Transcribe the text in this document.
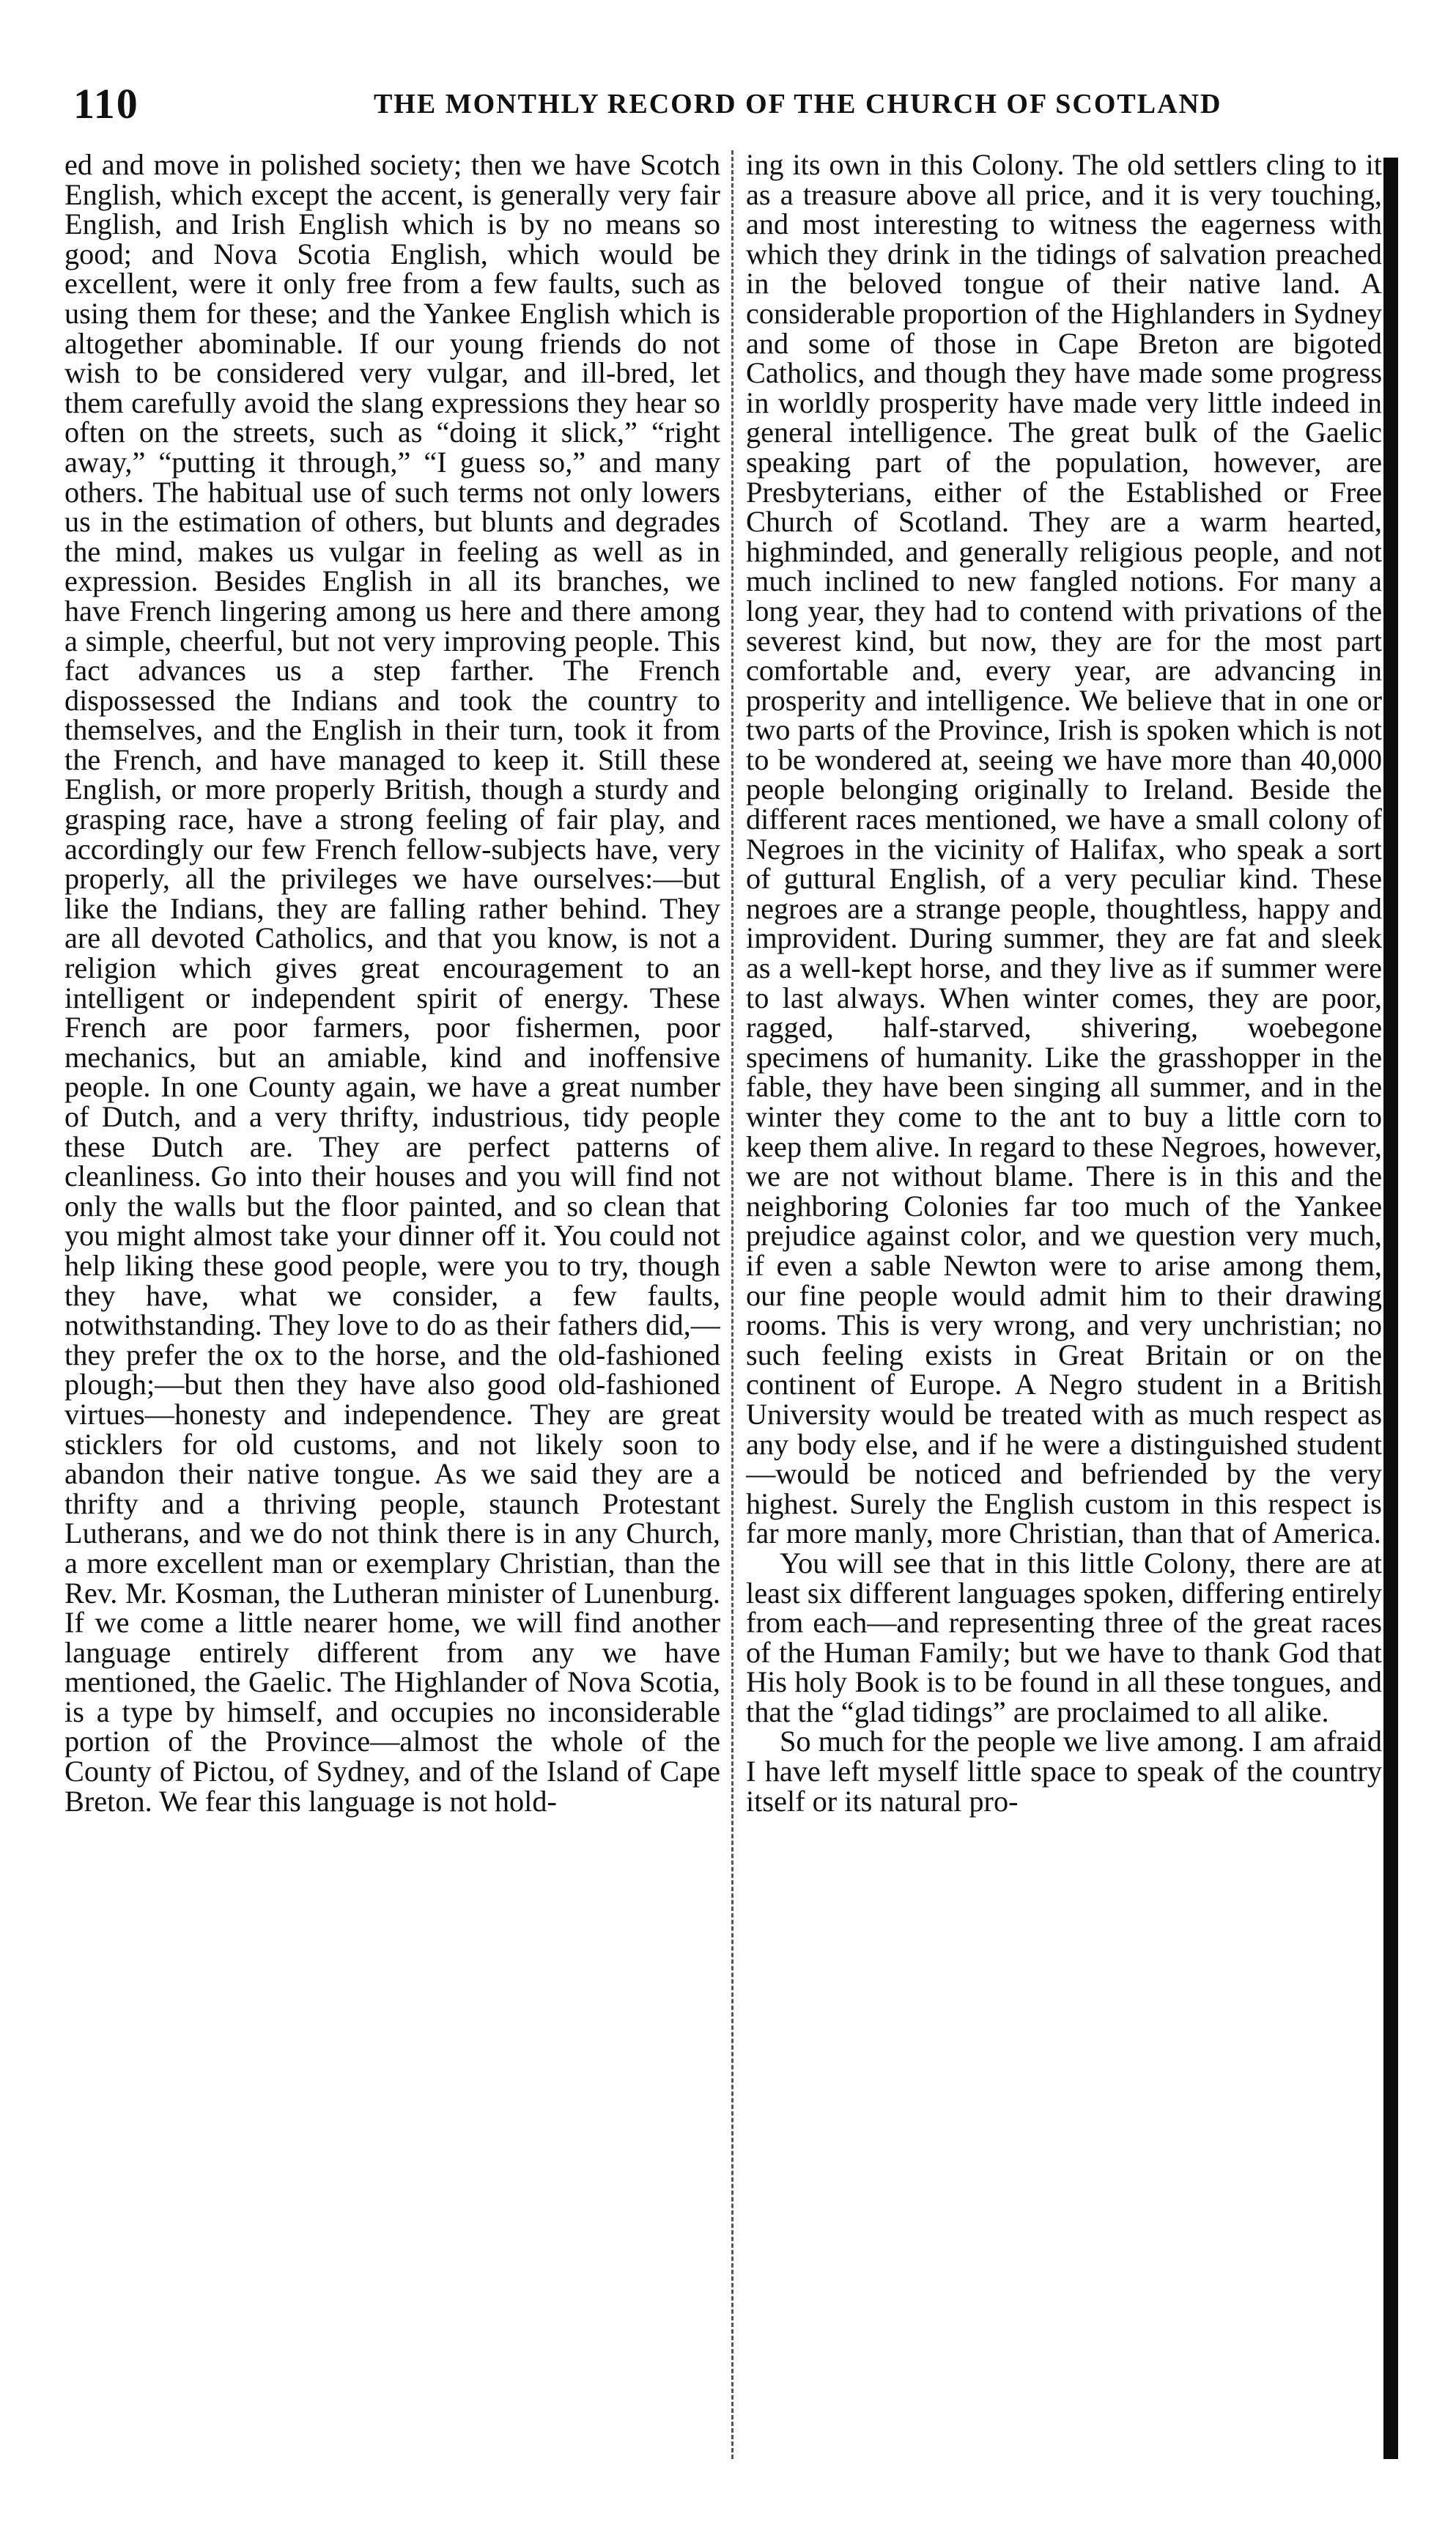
110	THE MONTHLY RECORD OF THE CHURCH OF SCOTLAND

ed and move in polished society; then we have Scotch English, which except the accent, is generally very fair English, and Irish English which is by no means so good; and Nova Scotia English, which would be excellent, were it only free from a few faults, such as using them for these; and the Yankee English which is altogether abominable. If our young friends do not wish to be considered very vulgar, and ill-bred, let them carefully avoid the slang expressions they hear so often on the streets, such as “doing it slick,” “right away,” “putting it through,” “I guess so,” and many others. The habitual use of such terms not only lowers us in the estimation of others, but blunts and degrades the mind, makes us vulgar in feeling as well as in expression. Besides English in all its branches, we have French lingering among us here and there among a simple, cheerful, but not very improving people. This fact advances us a step farther. The French dispossessed the Indians and took the country to themselves, and the English in their turn, took it from the French, and have managed to keep it. Still these English, or more properly British, though a sturdy and grasping race, have a strong feeling of fair play, and accordingly our few French fellow-subjects have, very properly, all the privileges we have ourselves:—but like the Indians, they are falling rather behind. They are all devoted Catholics, and that you know, is not a religion which gives great encouragement to an intelligent or independent spirit of energy. These French are poor farmers, poor fishermen, poor mechanics, but an amiable, kind and inoffensive people. In one County again, we have a great number of Dutch, and a very thrifty, industrious, tidy people these Dutch are. They are perfect patterns of cleanliness. Go into their houses and you will find not only the walls but the floor painted, and so clean that you might almost take your dinner off it. You could not help liking these good people, were you to try, though they have, what we consider, a few faults, notwithstanding. They love to do as their fathers did,—they prefer the ox to the horse, and the old-fashioned plough;—but then they have also good old-fashioned virtues—honesty and independence. They are great sticklers for old customs, and not likely soon to abandon their native tongue. As we said they are a thrifty and a thriving people, staunch Protestant Lutherans, and we do not think there is in any Church, a more excellent man or exemplary Christian, than the Rev. Mr. Kosman, the Lutheran minister of Lunenburg. If we come a little nearer home, we will find another language entirely different from any we have mentioned, the Gaelic. The Highlander of Nova Scotia, is a type by himself, and occupies no inconsiderable portion of the Province—almost the whole of the County of Pictou, of Sydney, and of the Island of Cape Breton. We fear this language is not hold-

ing its own in this Colony. The old settlers cling to it as a treasure above all price, and it is very touching, and most interesting to witness the eagerness with which they drink in the tidings of salvation preached in the beloved tongue of their native land. A considerable proportion of the Highlanders in Sydney and some of those in Cape Breton are bigoted Catholics, and though they have made some progress in worldly prosperity have made very little indeed in general intelligence. The great bulk of the Gaelic speaking part of the population, however, are Presbyterians, either of the Established or Free Church of Scotland. They are a warm hearted, highminded, and generally religious people, and not much inclined to new fangled notions. For many a long year, they had to contend with privations of the severest kind, but now, they are for the most part comfortable and, every year, are advancing in prosperity and intelligence. We believe that in one or two parts of the Province, Irish is spoken which is not to be wondered at, seeing we have more than 40,000 people belonging originally to Ireland. Beside the different races mentioned, we have a small colony of Negroes in the vicinity of Halifax, who speak a sort of guttural English, of a very peculiar kind. These negroes are a strange people, thoughtless, happy and improvident. During summer, they are fat and sleek as a well-kept horse, and they live as if summer were to last always. When winter comes, they are poor, ragged, half-starved, shivering, woebegone specimens of humanity. Like the grasshopper in the fable, they have been singing all summer, and in the winter they come to the ant to buy a little corn to keep them alive. In regard to these Negroes, however, we are not without blame. There is in this and the neighboring Colonies far too much of the Yankee prejudice against color, and we question very much, if even a sable Newton were to arise among them, our fine people would admit him to their drawing rooms. This is very wrong, and very unchristian; no such feeling exists in Great Britain or on the continent of Europe. A Negro student in a British University would be treated with as much respect as any body else, and if he were a distinguished student—would be noticed and befriended by the very highest. Surely the English custom in this respect is far more manly, more Christian, than that of America.

You will see that in this little Colony, there are at least six different languages spoken, differing entirely from each—and representing three of the great races of the Human Family; but we have to thank God that His holy Book is to be found in all these tongues, and that the “glad tidings” are proclaimed to all alike.

So much for the people we live among. I am afraid I have left myself little space to speak of the country itself or its natural pro-
